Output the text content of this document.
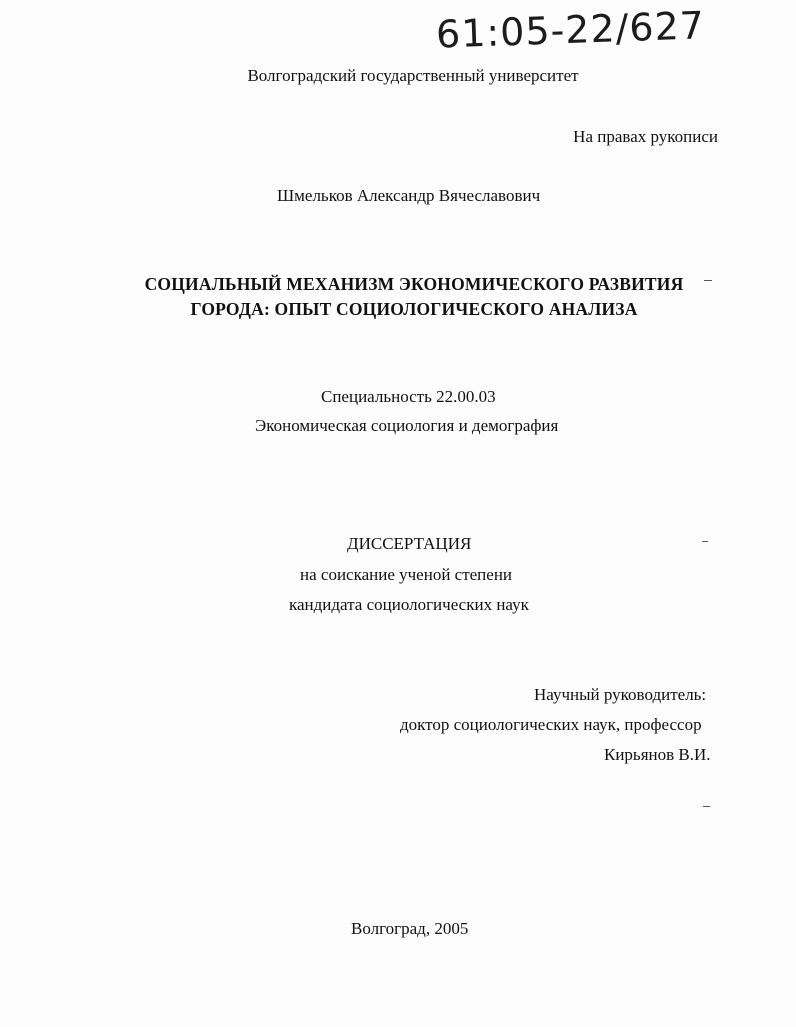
61:05-22/627
Волгоградский государственный университет
На правах рукописи
Шмельков Александр Вячеславович
СОЦИАЛЬНЫЙ МЕХАНИЗМ ЭКОНОМИЧЕСКОГО РАЗВИТИЯ
ГОРОДА: ОПЫТ СОЦИОЛОГИЧЕСКОГО АНАЛИЗА
Специальность 22.00.03
Экономическая социология и демография
ДИССЕРТАЦИЯ
на соискание ученой степени
кандидата социологических наук
Научный руководитель:
доктор социологических наук, профессор
Кирьянов В.И.
Волгоград, 2005
